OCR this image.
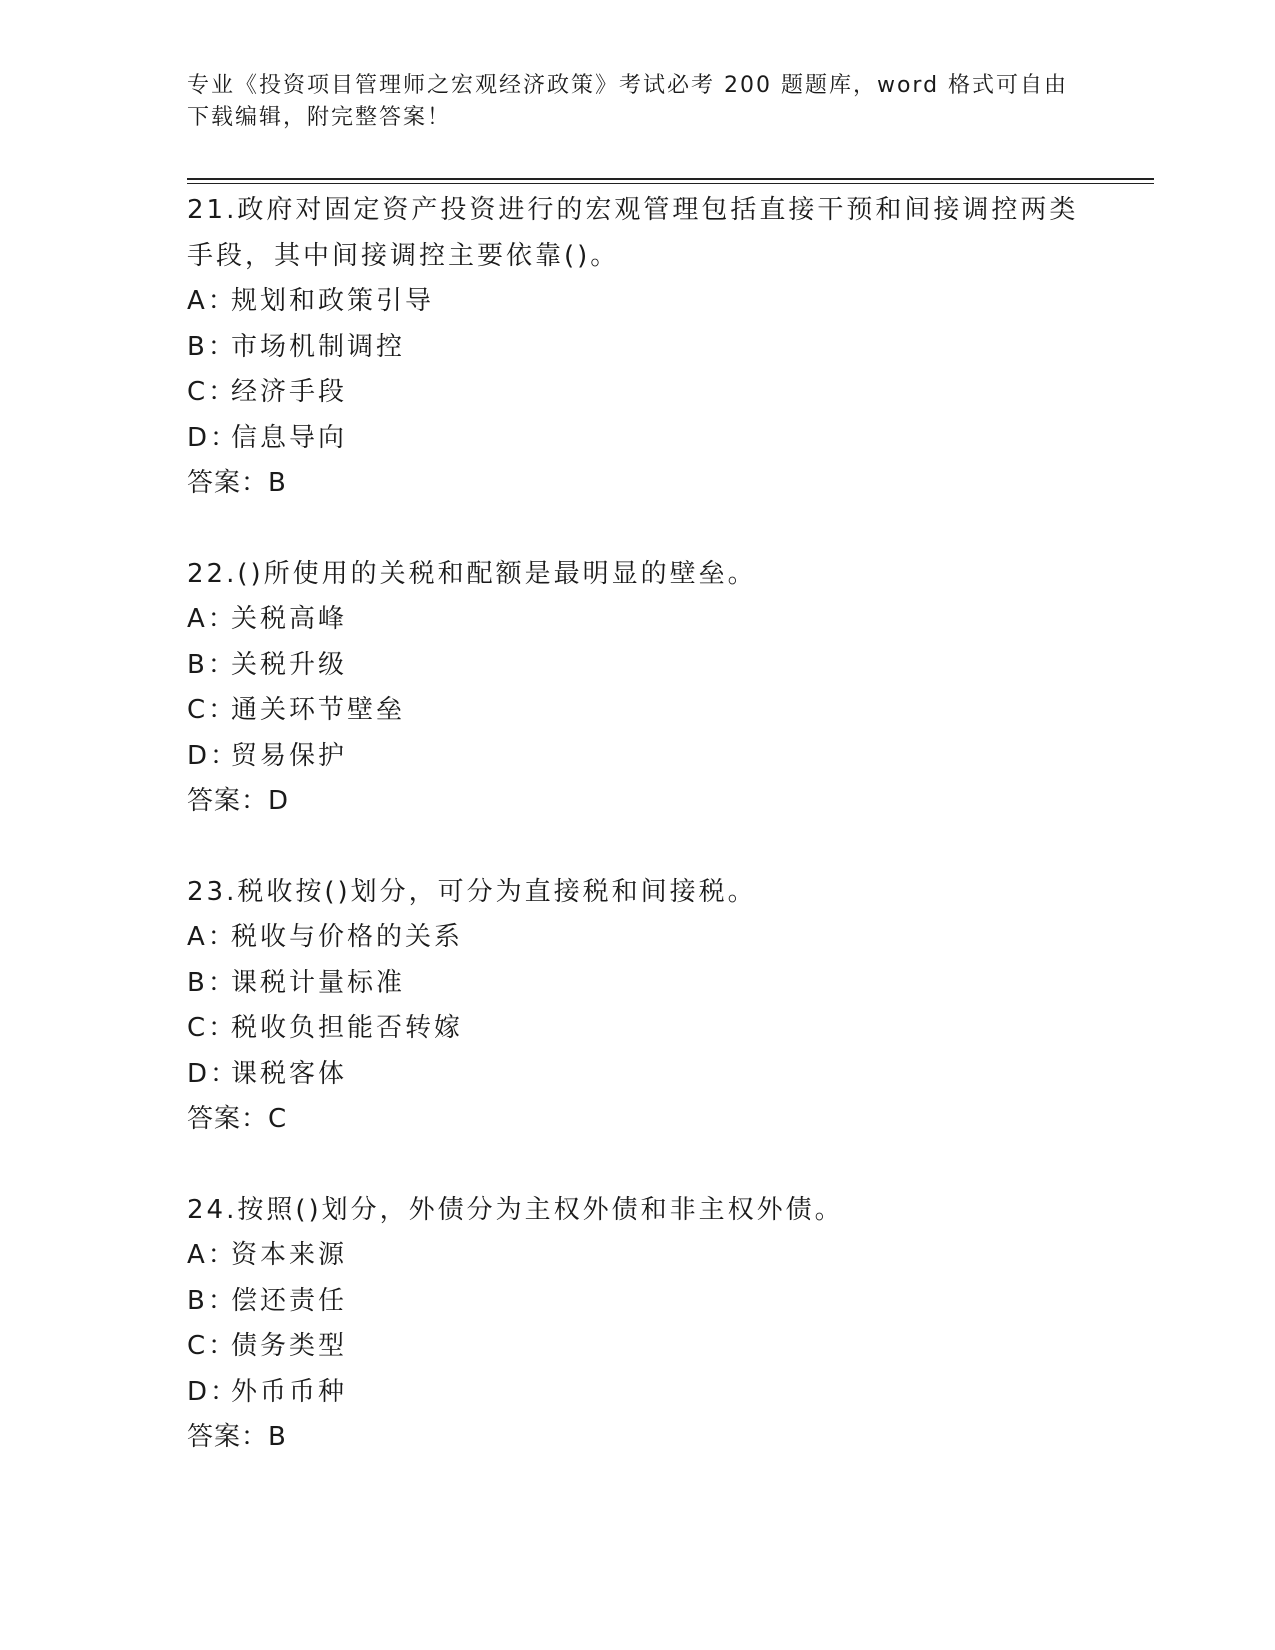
专业《投资项目管理师之宏观经济政策》考试必考 200 题题库，word 格式可自由
下载编辑，附完整答案！
21.政府对固定资产投资进行的宏观管理包括直接干预和间接调控两类手段，其中间接调控主要依靠()。
A：规划和政策引导
B：市场机制调控
C：经济手段
D：信息导向
答案：B
22.()所使用的关税和配额是最明显的壁垒。
A：关税高峰
B：关税升级
C：通关环节壁垒
D：贸易保护
答案：D
23.税收按()划分，可分为直接税和间接税。
A：税收与价格的关系
B：课税计量标准
C：税收负担能否转嫁
D：课税客体
答案：C
24.按照()划分，外债分为主权外债和非主权外债。
A：资本来源
B：偿还责任
C：债务类型
D：外币币种
答案：B
